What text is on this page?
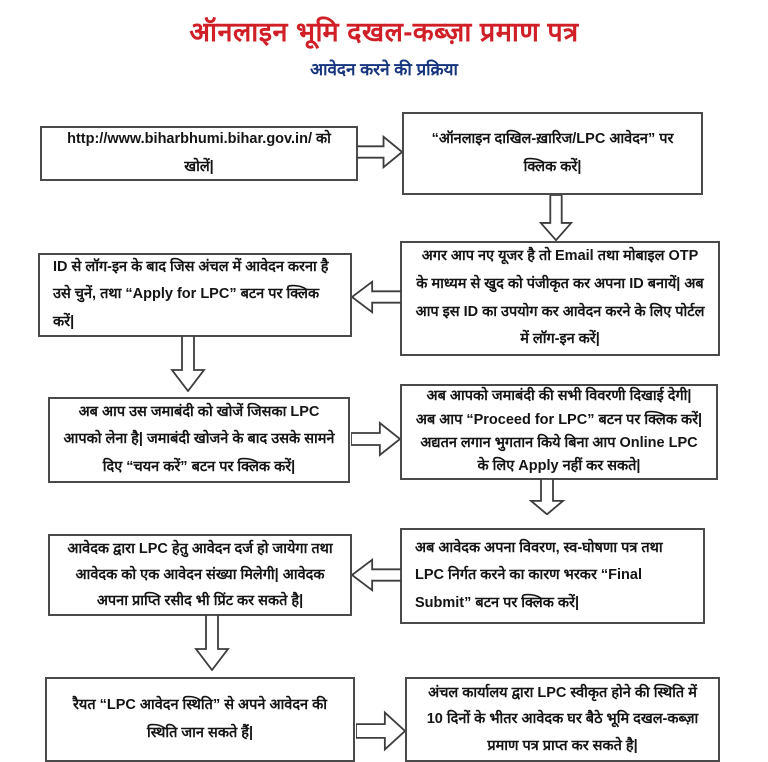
ऑनलाइन भूमि दखल-कब्ज़ा प्रमाण पत्र
आवेदन करने की प्रक्रिया
http://www.biharbhumi.bihar.gov.in/ को खोलें|
“ऑनलाइन दाखिल-ख़ारिज/LPC आवेदन” पर क्लिक करें|
अगर आप नए यूजर है तो Email तथा मोबाइल OTP के माध्यम से खुद को पंजीकृत कर अपना ID बनायें| अब आप इस ID का उपयोग कर आवेदन करने के लिए पोर्टल में लॉग-इन करें|
ID से लॉग-इन के बाद जिस अंचल में आवेदन करना है उसे चुनें, तथा “Apply for LPC” बटन पर क्लिक करें|
अब आप उस जमाबंदी को खोजें जिसका LPC आपको लेना है| जमाबंदी खोजने के बाद उसके सामने दिए “चयन करें” बटन पर क्लिक करें|
अब आपको जमाबंदी की सभी विवरणी दिखाई देगी| अब आप “Proceed for LPC” बटन पर क्लिक करें| अद्यतन लगान भुगतान किये बिना आप Online LPC के लिए Apply नहीं कर सकते|
अब आवेदक अपना विवरण, स्व-घोषणा पत्र तथा LPC निर्गत करने का कारण भरकर “Final Submit” बटन पर क्लिक करें|
आवेदक द्वारा LPC हेतु आवेदन दर्ज हो जायेगा तथा आवेदक को एक आवेदन संख्या मिलेगी| आवेदक अपना प्राप्ति रसीद भी प्रिंट कर सकते है|
रैयत “LPC आवेदन स्थिति” से अपने आवेदन की स्थिति जान सकते हैं|
अंचल कार्यालय द्वारा LPC स्वीकृत होने की स्थिति में 10 दिनों के भीतर आवेदक घर बैठे भूमि दखल-कब्ज़ा प्रमाण पत्र प्राप्त कर सकते है|
